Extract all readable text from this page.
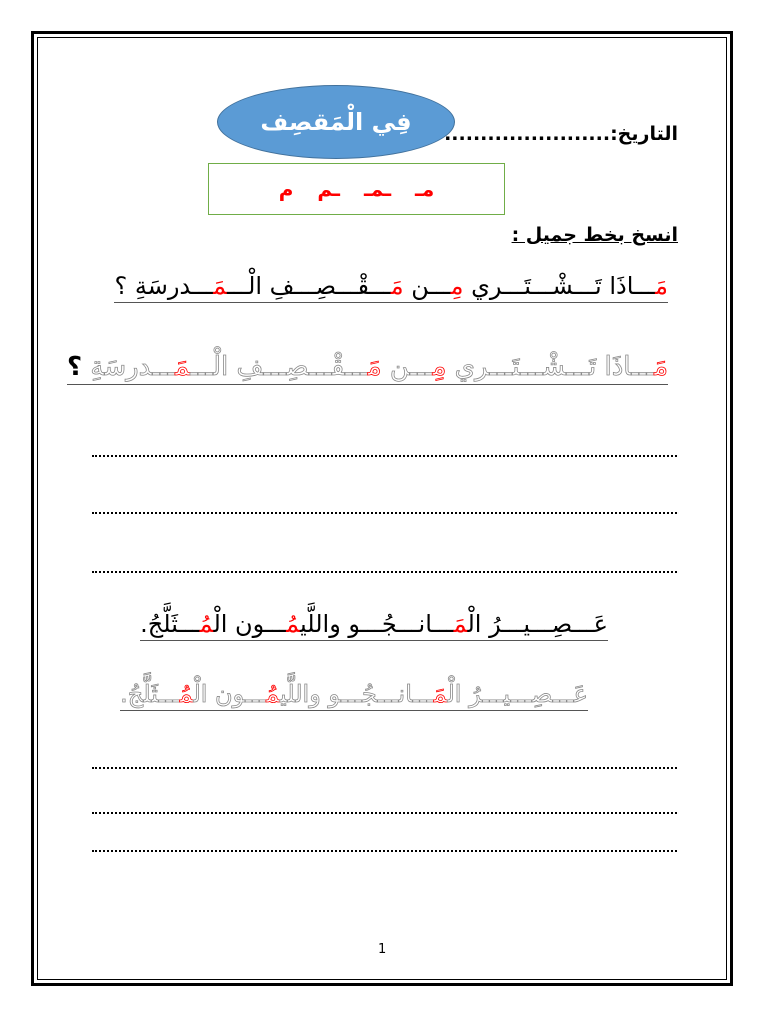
فِي الْمَقصِف التاريخ:.......................
مـ
ـمـ
ـم
م
انسخ بخط جميل :
مَـــاذَا تَـــشْـــتَـــري مِـــن مَـــقْـــصِـــفِ الْـــمَـــدرسَةِ ؟
مَـــاذَا تَـــشْـــتَـــري مِـــن مَـــقْـــصِـــفِ الْـــمَـــدرسَةِ ؟
عَـــصِـــيـــرُ الْمَـــانـــجُـــو واللَّيمُـــون الْمُـــثَلَّجُ.
عَـــصِـــيـــرُ الْمَـــانـــجُـــو واللَّيمُـــون الْمُـــثَلَّجُ.
1
